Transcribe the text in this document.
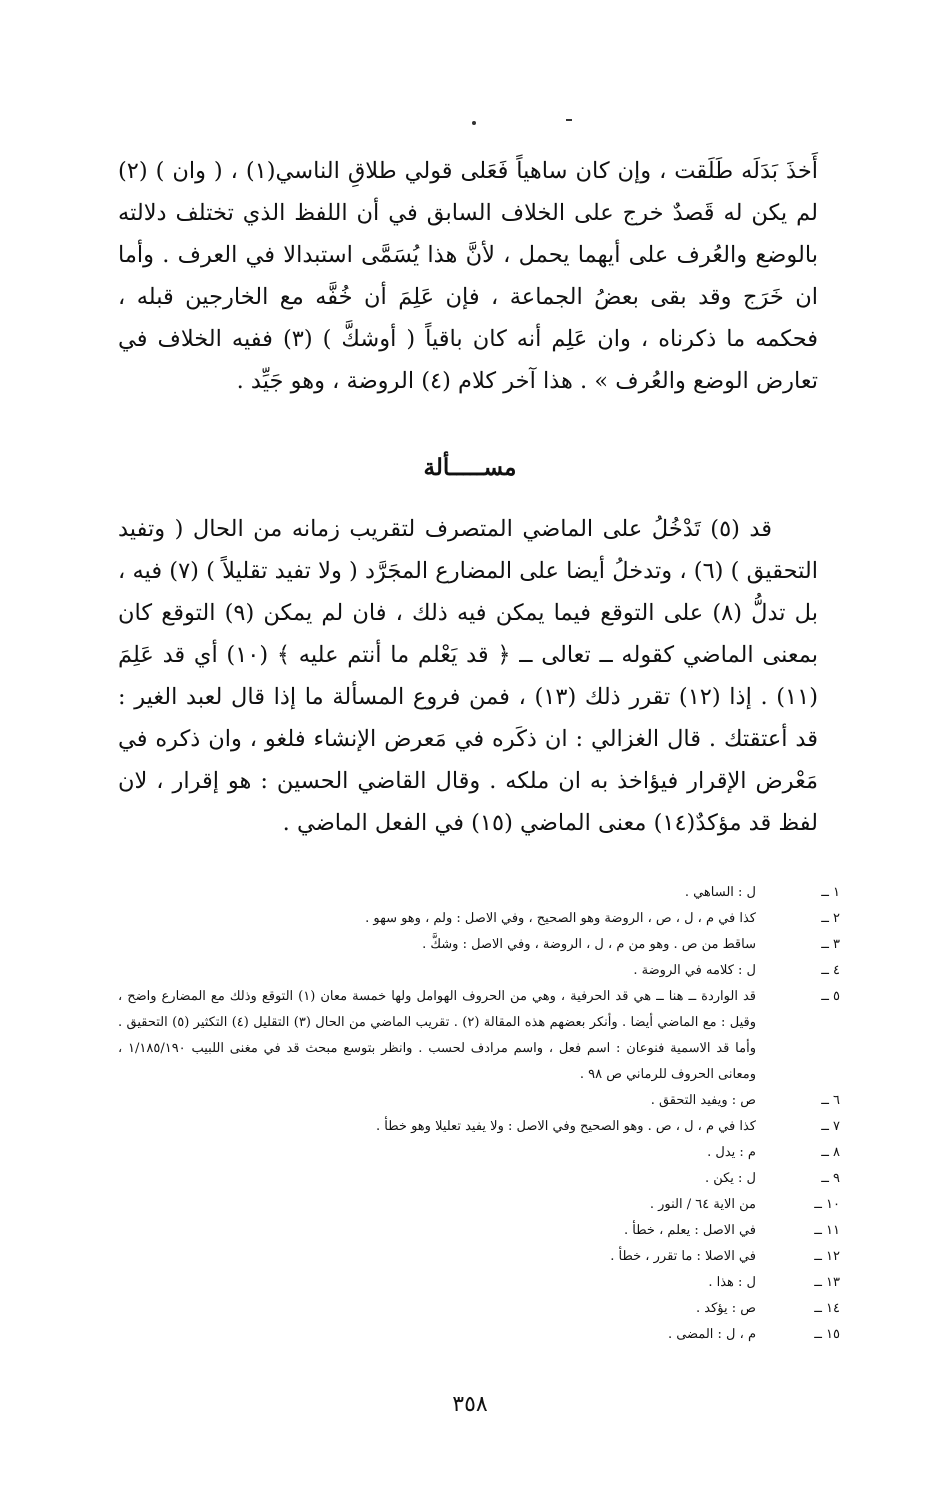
أَخذَ بَدَلَه طَلَقت ، وإن كان ساهياً فَعَلى قولي طلاقِ الناسي(١) ، ( وان ) (٢) لم يكن له قَصدٌ خرج على الخلاف السابق في أن اللفظ الذي تختلف دلالته بالوضع والعُرف على أيهما يحمل ، لأنَّ هذا يُسَمَّى استبدالا في العرف . وأما ان خَرَج وقد بقى بعضُ الجماعة ، فإن عَلِمَ أن خُفَّه مع الخارجين قبله ، فحكمه ما ذكرناه ، وان عَلِم أنه كان باقياً ( أوشكَّ ) (٣) ففيه الخلاف في تعارض الوضع والعُرف » . هذا آخر كلام (٤) الروضة ، وهو جَيِّد .
مســـــألة
قد (٥) تَدْخُلُ على الماضي المتصرف لتقريب زمانه من الحال ( وتفيد التحقيق ) (٦) ، وتدخلُ أيضا على المضارع المجَرَّد ( ولا تفيد تقليلاً ) (٧) فيه ، بل تدلُّ (٨) على التوقع فيما يمكن فيه ذلك ، فان لم يمكن (٩) التوقع كان بمعنى الماضي كقوله ــ تعالى ــ ﴿ قد يَعْلم ما أنتم عليه ﴾ (١٠) أي قد عَلِمَ (١١) . إذا (١٢) تقرر ذلك (١٣) ، فمن فروع المسألة ما إذا قال لعبد الغير : قد أعتقتك . قال الغزالي : ان ذكَره في مَعرض الإنشاء فلغو ، وان ذكره في مَعْرض الإقرار فيؤاخذ به ان ملكه . وقال القاضي الحسين : هو إقرار ، لان لفظ قد مؤكدٌ(١٤) معنى الماضي (١٥) في الفعل الماضي .
١ ــ
ل : الساهي .
٢ ــ
كذا في م ، ل ، ص ، الروضة وهو الصحيح ، وفي الاصل : ولم ، وهو سهو .
٣ ــ
ساقط من ص . وهو من م ، ل ، الروضة ، وفي الاصل : وشكَّ .
٤ ــ
ل : كلامه في الروضة .
٥ ــ
قد الواردة ــ هنا ــ هي قد الحرفية ، وهي من الحروف الهوامل ولها خمسة معان (١) التوقع وذلك مع المضارع واضح ، وقيل : مع الماضي أيضا . وأنكر بعضهم هذه المقالة (٢) . تقريب الماضي من الحال (٣) التقليل (٤) التكثير (٥) التحقيق . وأما قد الاسمية فنوعان : اسم فعل ، واسم مرادف لحسب . وانظر بتوسع مبحث قد في مغنى اللبيب ١/١٨٥/١٩٠ ، ومعانى الحروف للرماني ص ٩٨ .
٦ ــ
ص : ويفيد التحقق .
٧ ــ
كذا في م ، ل ، ص . وهو الصحيح وفي الاصل : ولا يفيد تعليلا وهو خطأ .
٨ ــ
م : يدل .
٩ ــ
ل : يكن .
١٠ ــ
من الاية ٦٤ / النور .
١١ ــ
في الاصل : يعلم ، خطأ .
١٢ ــ
في الاصلا : ما تقرر ، خطأ .
١٣ ــ
ل : هذا .
١٤ ــ
ص : يؤكد .
١٥ ــ
م ، ل : المضى .
٣٥٨
